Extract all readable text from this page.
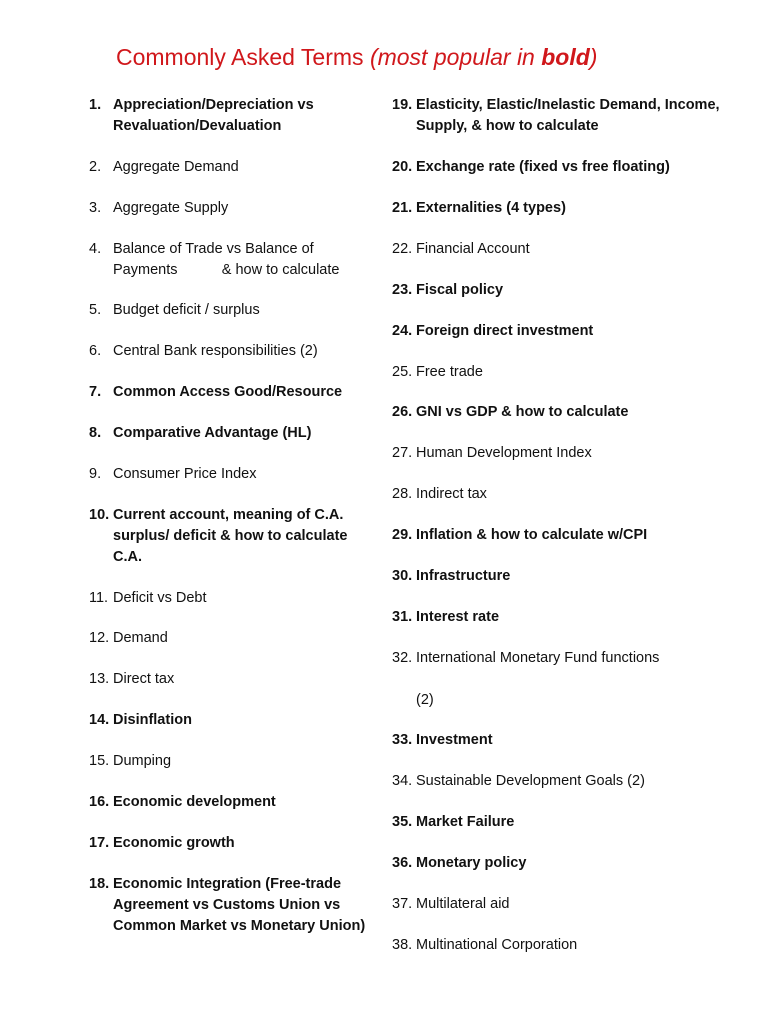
Commonly Asked Terms (most popular in bold)
1. Appreciation/Depreciation vs Revaluation/Devaluation
2. Aggregate Demand
3. Aggregate Supply
4. Balance of Trade vs Balance of Payments           & how to calculate
5. Budget deficit / surplus
6. Central Bank responsibilities (2)
7. Common Access Good/Resource
8. Comparative Advantage (HL)
9. Consumer Price Index
10. Current account, meaning of C.A. surplus/ deficit & how to calculate C.A.
11. Deficit vs Debt
12. Demand
13. Direct tax
14. Disinflation
15. Dumping
16. Economic development
17. Economic growth
18. Economic Integration (Free-trade Agreement vs Customs Union vs Common Market vs Monetary Union)
19. Elasticity, Elastic/Inelastic Demand, Income, Supply, & how to calculate
20. Exchange rate (fixed vs free floating)
21. Externalities (4 types)
22. Financial Account
23. Fiscal policy
24. Foreign direct investment
25. Free trade
26. GNI vs GDP & how to calculate
27. Human Development Index
28. Indirect tax
29. Inflation & how to calculate w/CPI
30. Infrastructure
31. Interest rate
32. International Monetary Fund functions

(2)
33. Investment
34. Sustainable Development Goals (2)
35. Market Failure
36. Monetary policy
37. Multilateral aid
38. Multinational Corporation
